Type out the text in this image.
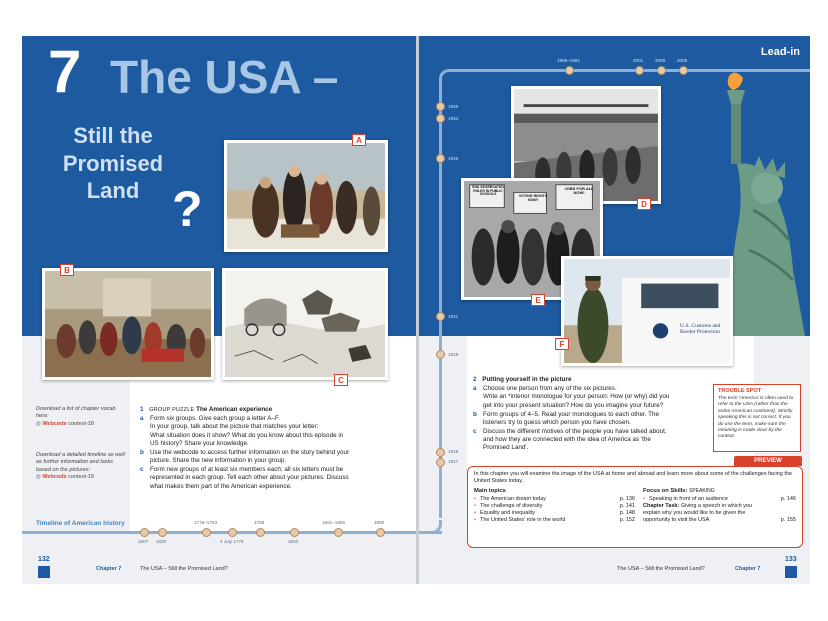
7 The USA –
Still the
Promised
Land ?
A
B
C
Download a list of chapter vocab here:
◎ Webcode context-18
Download a detailed timeline as well as further information and tasks based on the pictures:
◎ Webcode context-19
1 GROUP PUZZLE The American experience
a	Form six groups. Give each group a letter A–F.
In your group, talk about the picture that matches your letter:
What situation does it show? What do you know about this episode in
US history? Share your knowledge.
b Use the webcode to access further information on the story behind your
picture. Share the new information in your group.
c	Form new groups of at least six members each; all six letters must be
represented in each group. Tell each other about your pictures. Discuss
what makes them part of the American experience.
Timeline of American history	1775–1783	1789	1861–1865	1890
1607 1620	4 July 1776	1803
132
Chapter 7	The USA – Still the Promised Land?
Lead-in
1989–1991	2001	2006	2008
1955
1954
1945
1941
1929
1919
1917
D
END SEGREGATED RULES IN PUBLIC SCHOOLS	VOTING RIGHTS NOW!
JOBS FOR ALL NOW!
E
U.S. Customs and
Border Protection
F
2 Putting yourself in the picture
a	Choose one person from any of the six pictures.
Write an *interior monologue for your person: How (or why) did you
get into your present situation? How do you imagine your future?
b Form groups of 4–5. Read your monologues to each other. The
listeners try to guess which person you have chosen.
c	Discuss the different motives of the people you have talked about,
and how they are connected with the idea of America as 'the
Promised Land'.
TROUBLE SPOT
The term 'America' is often used to refer to the USA (rather than the entire American continent). Strictly speaking this is not correct. If you do use the term, make sure the meaning is made clear by the context.
PREVIEW
In this chapter you will examine the image of the USA at home and abroad and learn more about some of the challenges facing the United States today.
Main topics
• The American dream today	p. 136
• The challenge of diversity	p. 141
• Equality and inequality	p. 148
• The United States' role in the world	p. 152
Focus on Skills: SPEAKING
• Speaking in front of an audience	p. 146
Chapter Task: Giving a speech in which you
explain why you would like to be given the
opportunity to visit the USA	p. 155
133
The USA – Still the Promised Land?	Chapter 7
